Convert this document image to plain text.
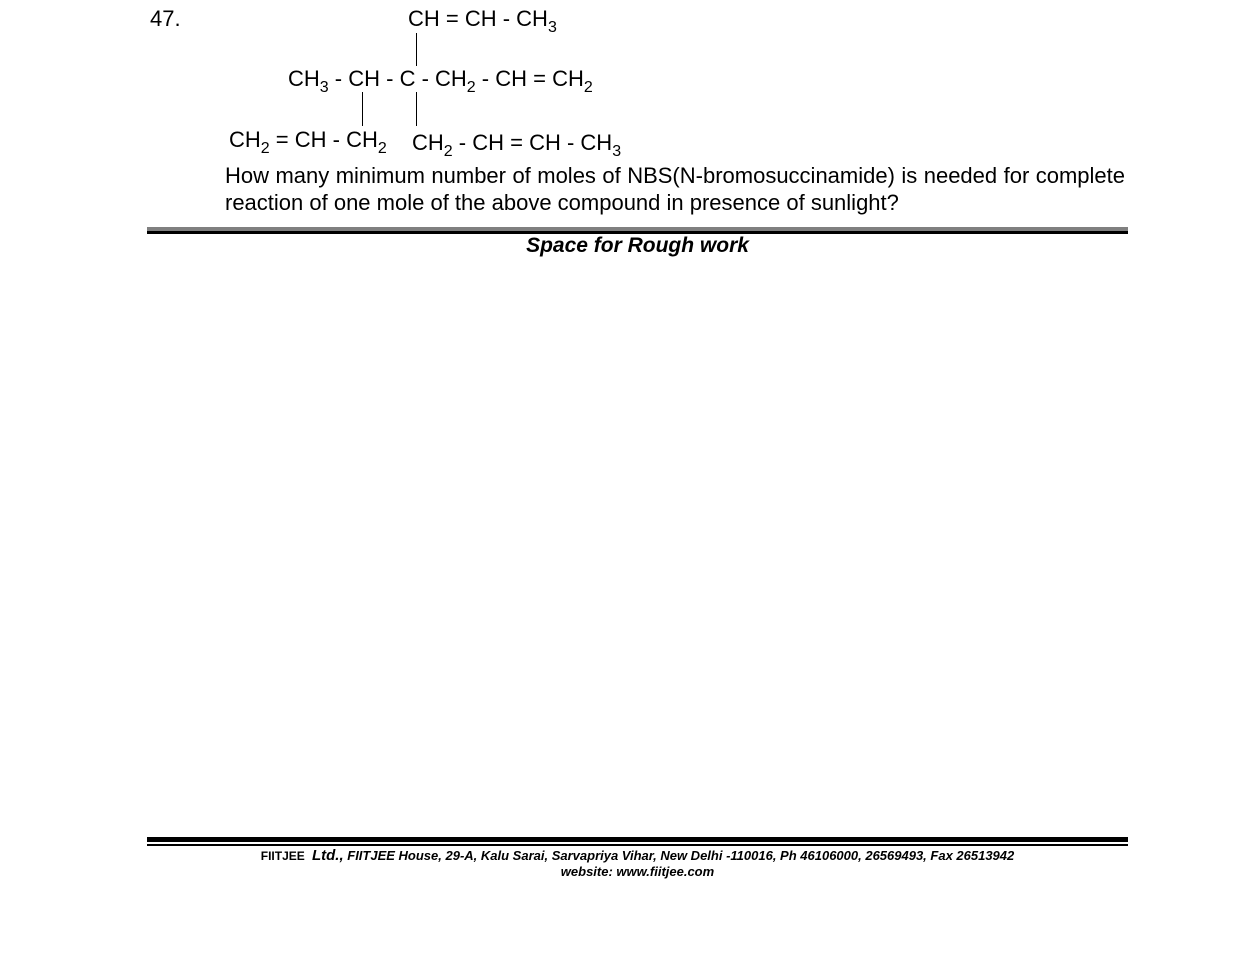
47.	CH = CH - $CH_3$
$CH_3$ - CH - C - $CH_2$ - CH = $CH_2$
$CH_2$ = CH - $CH_2$ $CH_2$ - CH = CH - $CH_3$
How many minimum number of moles of NBS(N-bromosuccinamide) is needed for complete reaction of one mole of the above compound in presence of sunlight?
Space for Rough work
FIITJEE Ltd., FIITJEE House, 29-A, Kalu Sarai, Sarvapriya Vihar, New Delhi -110016, Ph 46106000, 26569493, Fax 26513942
website: www.fiitjee.com
